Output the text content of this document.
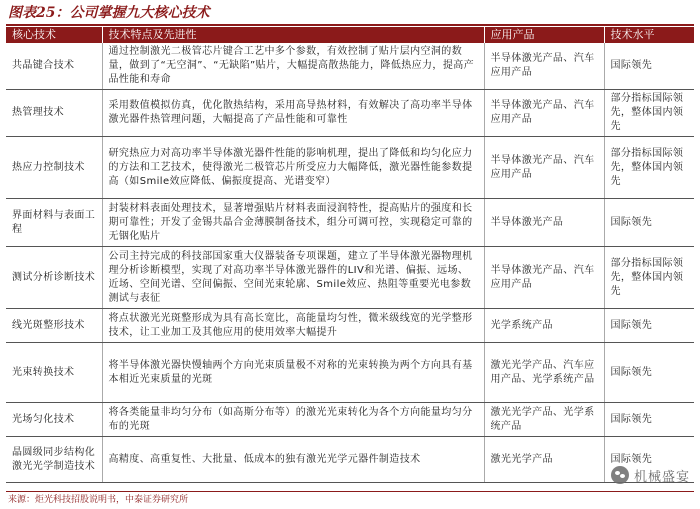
图表25：公司掌握九大核心技术
核心技术	技术特点及先进性	应用产品	技术水平
共晶键合技术	通过控制激光二极管芯片键合工艺中多个参数，有效控制了贴片层内空洞的数量，做到了“无空洞”、“无缺陷”贴片，大幅提高散热能力，降低热应力，提高产品性能和寿命	半导体激光产品、汽车应用产品	国际领先
热管理技术	采用数值模拟仿真，优化散热结构，采用高导热材料，有效解决了高功率半导体激光器件热管理问题，大幅提高了产品性能和可靠性	半导体激光产品、汽车应用产品	部分指标国际领先，整体国内领先
热应力控制技术	研究热应力对高功率半导体激光器件性能的影响机理，提出了降低和均匀化应力的方法和工艺技术，使得激光二极管芯片所受应力大幅降低，激光器性能参数提高（如Smile效应降低、偏振度提高、光谱变窄）	半导体激光产品、汽车应用产品	部分指标国际领先，整体国内领先
界面材料与表面工程	封装材料表面处理技术，显著增强贴片材料表面浸润特性，提高贴片的强度和长期可靠性；开发了金锡共晶合金薄膜制备技术，组分可调可控，实现稳定可靠的无铟化贴片	半导体激光产品	国际领先
测试分析诊断技术	公司主持完成的科技部国家重大仪器装备专项课题，建立了半导体激光器物理机理分析诊断模型，实现了对高功率半导体激光器件的LIV和光谱、偏振、远场、近场、空间光谱、空间偏振、空间光束轮廓、Smile效应、热阻等重要光电参数测试与表征	半导体激光产品、汽车应用产品	部分指标国际领先，整体国内领先
线光斑整形技术	将点状激光光斑整形成为具有高长宽比，高能量均匀性，微米级线宽的光学整形技术，让工业加工及其他应用的使用效率大幅提升	光学系统产品	国际领先
光束转换技术	将半导体激光器快慢轴两个方向光束质量极不对称的光束转换为两个方向具有基本相近光束质量的光斑	激光光学产品、汽车应用产品、光学系统产品	国际领先
光场匀化技术	将各类能量非均匀分布（如高斯分布等）的激光光束转化为各个方向能量均匀分布的光斑	激光光学产品、光学系统产品	国际领先
晶圆级同步结构化激光光学制造技术	高精度、高重复性、大批量、低成本的独有激光光学元器件制造技术	激光光学产品	国际领先
机械盛宴
来源：炬光科技招股说明书，中泰证券研究所
